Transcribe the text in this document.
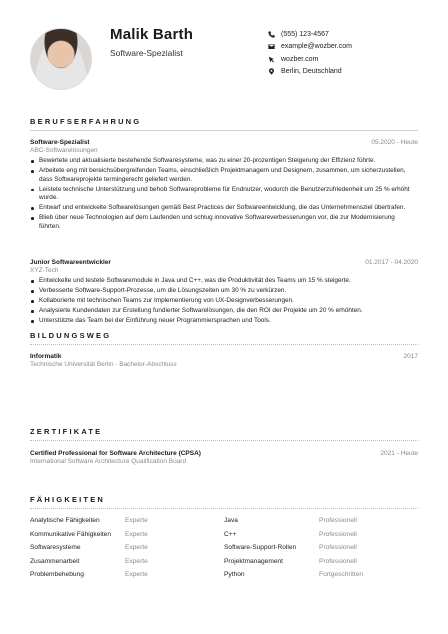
Malik Barth
Software-Spezialist
(555) 123-4567
example@wozber.com
wozber.com
Berlin, Deutschland
BERUFSERFAHRUNG
Software-Spezialist	05.2020 - Heute
ABC-Softwarelösungen
Bewertete und aktualisierte bestehende Softwaresysteme, was zu einer 20-prozentigen Steigerung der Effizienz führte.
Arbeitete eng mit bereichsübergreifenden Teams, einschließlich Projektmanagern und Designern, zusammen, um sicherzustellen, dass Softwareprojekte termingerecht geliefert werden.
Leistete technische Unterstützung und behob Softwareprobleme für Endnutzer, wodurch die Benutzerzufriedenheit um 25 % erhöht wurde.
Entwarf und entwickelte Softwarelösungen gemäß Best Practices der Softwareentwicklung, die das Unternehmensziel übertrafen.
Blieb über neue Technologien auf dem Laufenden und schlug innovative Softwareverbesserungen vor, die zur Modernisierung führten.
Junior Softwareentwickler	01.2017 - 04.2020
XYZ-Tech
Entwickelte und testete Softwaremodule in Java und C++, was die Produktivität des Teams um 15 % steigerte.
Verbesserte Software-Support-Prozesse, um die Lösungszeiten um 30 % zu verkürzen.
Kollaborierte mit technischen Teams zur Implementierung von UX-Designverbesserungen.
Analysierte Kundendaten zur Erstellung fundierter Softwarelösungen, die den ROI der Projekte um 20 % erhöhten.
Unterstützte das Team bei der Einführung neuer Programmiersprachen und Tools.
BILDUNGSWEG
Informatik	2017
Technische Universität Berlin - Bachelor-Abschluss
ZERTIFIKATE
Certified Professional for Software Architecture (CPSA)	2021 - Heute
International Software Architecture Qualification Board
FÄHIGKEITEN
Analytische Fähigkeiten	Experte	Java	Professionell
Kommunikative Fähigkeiten	Experte	C++	Professionell
Softwaresysteme	Experte	Software-Support-Rollen	Professionell
Zusammenarbeit	Experte	Projektmanagement	Professionell
Problembehebung	Experte	Python	Fortgeschritten
